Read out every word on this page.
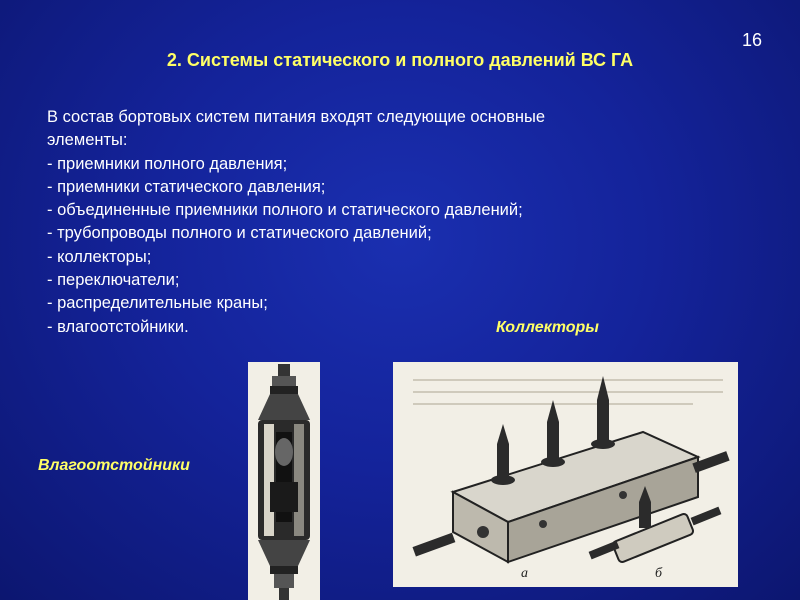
16
2. Системы статического и полного давлений ВС ГА
В состав бортовых систем питания входят следующие основные
элементы:
- приемники полного давления;
- приемники статического давления;
- объединенные приемники полного и статического давлений;
- трубопроводы полного и статического давлений;
- коллекторы;
- переключатели;
- распределительные краны;
- влагоотстойники.	Коллекторы
Влагоотстойники
а	б
